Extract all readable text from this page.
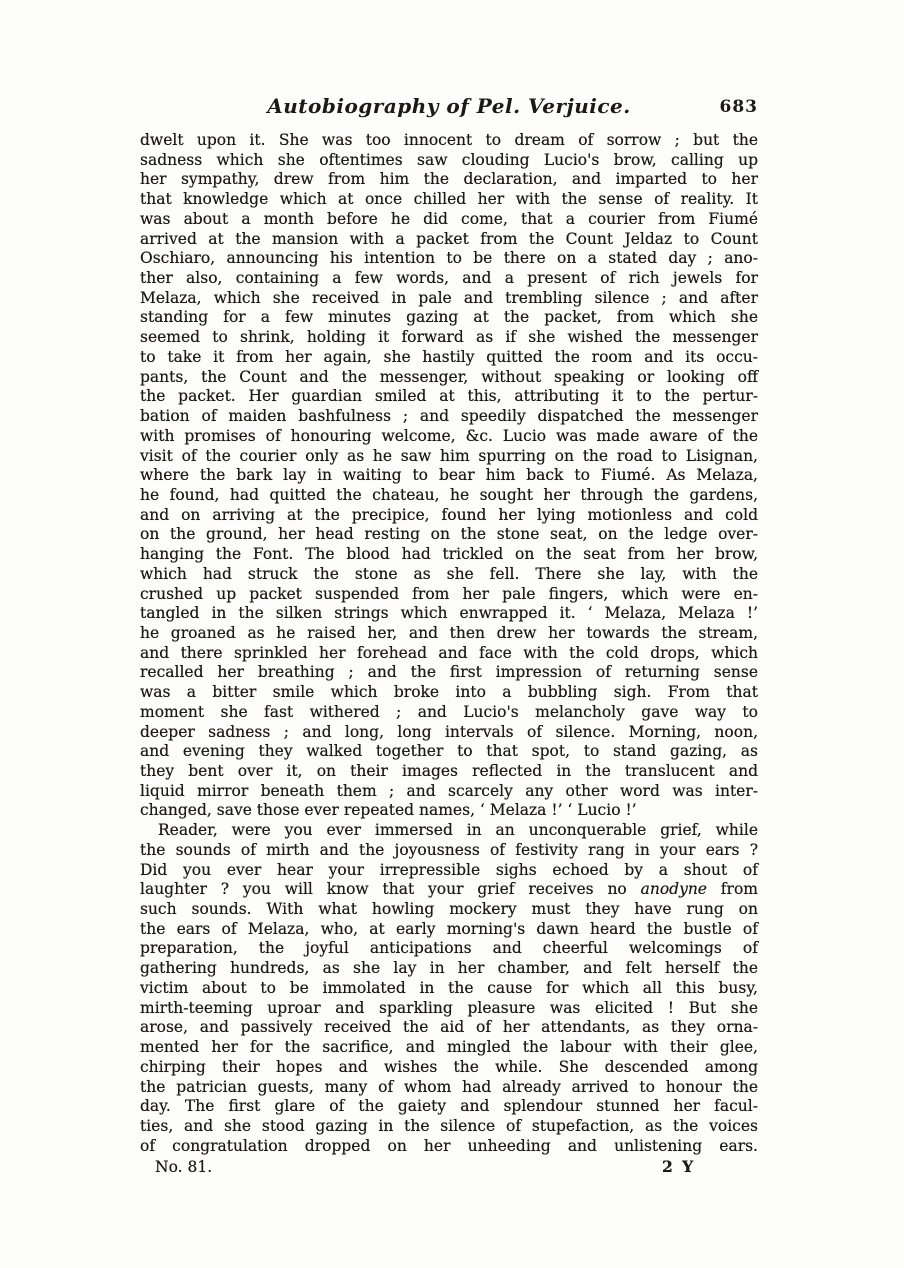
Autobiography of Pel. Verjuice.	683
dwelt upon it. She was too innocent to dream of sorrow ; but the
sadness which she oftentimes saw clouding Lucio's brow, calling up
her sympathy, drew from him the declaration, and imparted to her
that knowledge which at once chilled her with the sense of reality. It
was about a month before he did come, that a courier from Fiumé
arrived at the mansion with a packet from the Count Jeldaz to Count
Oschiaro, announcing his intention to be there on a stated day ; ano-
ther also, containing a few words, and a present of rich jewels for
Melaza, which she received in pale and trembling silence ; and after
standing for a few minutes gazing at the packet, from which she
seemed to shrink, holding it forward as if she wished the messenger
to take it from her again, she hastily quitted the room and its occu-
pants, the Count and the messenger, without speaking or looking off
the packet. Her guardian smiled at this, attributing it to the pertur-
bation of maiden bashfulness ; and speedily dispatched the messenger
with promises of honouring welcome, &c. Lucio was made aware of the
visit of the courier only as he saw him spurring on the road to Lisignan,
where the bark lay in waiting to bear him back to Fiumé. As Melaza,
he found, had quitted the chateau, he sought her through the gardens,
and on arriving at the precipice, found her lying motionless and cold
on the ground, her head resting on the stone seat, on the ledge over-
hanging the Font. The blood had trickled on the seat from her brow,
which had struck the stone as she fell. There she lay, with the
crushed up packet suspended from her pale fingers, which were en-
tangled in the silken strings which enwrapped it. ‘ Melaza, Melaza !’
he groaned as he raised her, and then drew her towards the stream,
and there sprinkled her forehead and face with the cold drops, which
recalled her breathing ; and the first impression of returning sense
was a bitter smile which broke into a bubbling sigh. From that
moment she fast withered ; and Lucio's melancholy gave way to
deeper sadness ; and long, long intervals of silence. Morning, noon,
and evening they walked together to that spot, to stand gazing, as
they bent over it, on their images reflected in the translucent and
liquid mirror beneath them ; and scarcely any other word was inter-
changed, save those ever repeated names, ‘ Melaza !’ ‘ Lucio !’
Reader, were you ever immersed in an unconquerable grief, while
the sounds of mirth and the joyousness of festivity rang in your ears ?
Did you ever hear your irrepressible sighs echoed by a shout of
laughter ? you will know that your grief receives no anodyne from
such sounds. With what howling mockery must they have rung on
the ears of Melaza, who, at early morning's dawn heard the bustle of
preparation, the joyful anticipations and cheerful welcomings of
gathering hundreds, as she lay in her chamber, and felt herself the
victim about to be immolated in the cause for which all this busy,
mirth-teeming uproar and sparkling pleasure was elicited ! But she
arose, and passively received the aid of her attendants, as they orna-
mented her for the sacrifice, and mingled the labour with their glee,
chirping their hopes and wishes the while. She descended among
the patrician guests, many of whom had already arrived to honour the
day. The first glare of the gaiety and splendour stunned her facul-
ties, and she stood gazing in the silence of stupefaction, as the voices
of congratulation dropped on her unheeding and unlistening ears.
No. 81.	2 Y
